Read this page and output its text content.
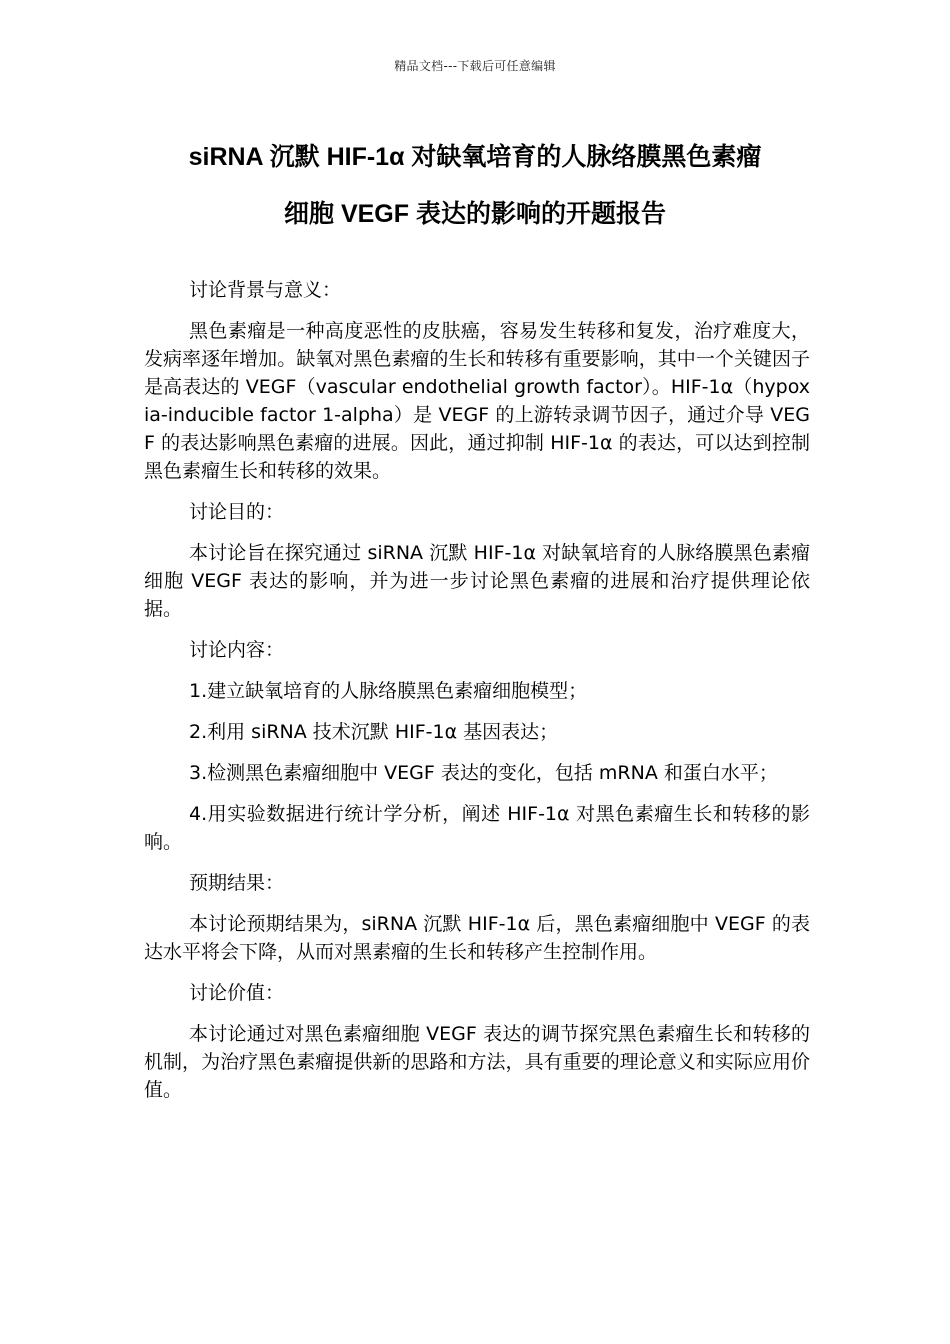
精品文档---下载后可任意编辑
siRNA 沉默 HIF-1α 对缺氧培育的人脉络膜黑色素瘤
细胞 VEGF 表达的影响的开题报告

讨论背景与意义：

黑色素瘤是一种高度恶性的皮肤癌，容易发生转移和复发，治疗难度大，发病率逐年增加。缺氧对黑色素瘤的生长和转移有重要影响，其中一个关键因子是高表达的 VEGF（vascular endothelial growth factor）。HIF-1α（hypoxia-inducible factor 1-alpha）是 VEGF 的上游转录调节因子，通过介导 VEGF 的表达影响黑色素瘤的进展。因此，通过抑制 HIF-1α 的表达，可以达到控制黑色素瘤生长和转移的效果。

讨论目的：

本讨论旨在探究通过 siRNA 沉默 HIF-1α 对缺氧培育的人脉络膜黑色素瘤细胞 VEGF 表达的影响，并为进一步讨论黑色素瘤的进展和治疗提供理论依据。

讨论内容：

1.建立缺氧培育的人脉络膜黑色素瘤细胞模型；

2.利用 siRNA 技术沉默 HIF-1α 基因表达；

3.检测黑色素瘤细胞中 VEGF 表达的变化，包括 mRNA 和蛋白水平；

4.用实验数据进行统计学分析，阐述 HIF-1α 对黑色素瘤生长和转移的影响。

预期结果：

本讨论预期结果为，siRNA 沉默 HIF-1α 后，黑色素瘤细胞中 VEGF 的表达水平将会下降，从而对黑素瘤的生长和转移产生控制作用。

讨论价值：

本讨论通过对黑色素瘤细胞 VEGF 表达的调节探究黑色素瘤生长和转移的机制，为治疗黑色素瘤提供新的思路和方法，具有重要的理论意义和实际应用价值。
